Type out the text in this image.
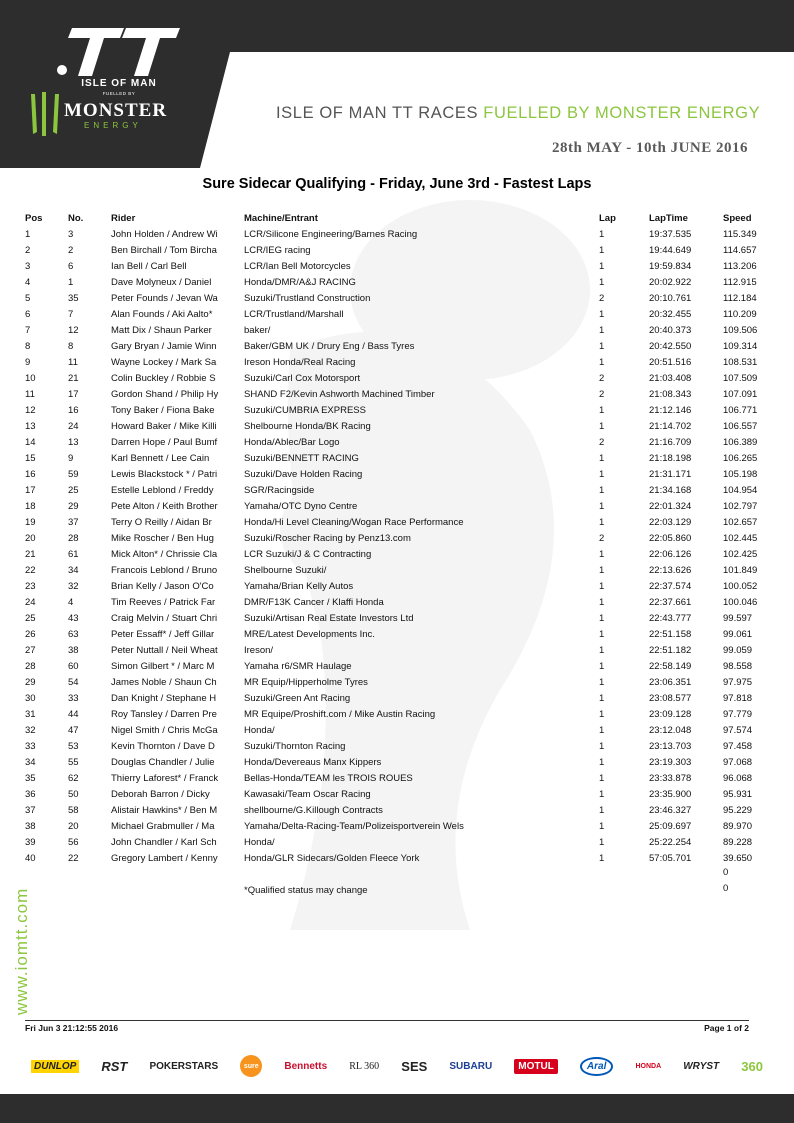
ISLE OF MAN
FUELLED BY
MONSTER
ENERGY
ISLE OF MAN TT RACES FUELLED BY MONSTER ENERGY
28th MAY - 10th JUNE 2016
Sure Sidecar Qualifying - Friday, June 3rd - Fastest Laps
Pos	No.	Rider	Machine/Entrant	Lap	LapTime	Speed
1	3	John Holden / Andrew Wi	LCR/Silicone Engineering/Barnes Racing	1	19:37.535	115.349
2	2	Ben Birchall / Tom Bircha	LCR/IEG racing	1	19:44.649	114.657
3	6	Ian Bell / Carl Bell	LCR/Ian Bell Motorcycles	1	19:59.834	113.206
4	1	Dave Molyneux / Daniel	Honda/DMR/A&J RACING	1	20:02.922	112.915
5	35	Peter Founds / Jevan Wa	Suzuki/Trustland Construction	2	20:10.761	112.184
6	7	Alan Founds / Aki Aalto*	LCR/Trustland/Marshall	1	20:32.455	110.209
7	12	Matt Dix / Shaun Parker	baker/	1	20:40.373	109.506
8	8	Gary Bryan / Jamie Winn	Baker/GBM UK / Drury Eng / Bass Tyres	1	20:42.550	109.314
9	11	Wayne Lockey / Mark Sa	Ireson Honda/Real Racing	1	20:51.516	108.531
10	21	Colin Buckley / Robbie S	Suzuki/Carl Cox Motorsport	2	21:03.408	107.509
11	17	Gordon Shand / Philip Hy	SHAND F2/Kevin Ashworth Machined Timber	2	21:08.343	107.091
12	16	Tony Baker / Fiona Bake	Suzuki/CUMBRIA EXPRESS	1	21:12.146	106.771
13	24	Howard Baker / Mike Killi	Shelbourne Honda/BK Racing	1	21:14.702	106.557
14	13	Darren Hope / Paul Bumf	Honda/Ablec/Bar Logo	2	21:16.709	106.389
15	9	Karl Bennett / Lee Cain	Suzuki/BENNETT RACING	1	21:18.198	106.265
16	59	Lewis Blackstock * / Patri	Suzuki/Dave Holden Racing	1	21:31.171	105.198
17	25	Estelle Leblond / Freddy	SGR/Racingside	1	21:34.168	104.954
18	29	Pete Alton / Keith Brother	Yamaha/OTC Dyno Centre	1	22:01.324	102.797
19	37	Terry O Reilly / Aidan Br	Honda/Hi Level Cleaning/Wogan Race Performance	1	22:03.129	102.657
20	28	Mike Roscher / Ben Hug	Suzuki/Roscher Racing by Penz13.com	2	22:05.860	102.445
21	61	Mick Alton* / Chrissie Cla	LCR Suzuki/J & C Contracting	1	22:06.126	102.425
22	34	Francois Leblond / Bruno	Shelbourne Suzuki/	1	22:13.626	101.849
23	32	Brian Kelly / Jason O'Co	Yamaha/Brian Kelly Autos	1	22:37.574	100.052
24	4	Tim Reeves / Patrick Far	DMR/F13K Cancer / Klaffi Honda	1	22:37.661	100.046
25	43	Craig Melvin / Stuart Chri	Suzuki/Artisan Real Estate Investors Ltd	1	22:43.777	99.597
26	63	Peter Essaff* / Jeff Gillar	MRE/Latest Developments Inc.	1	22:51.158	99.061
27	38	Peter Nuttall / Neil Wheat	Ireson/	1	22:51.182	99.059
28	60	Simon Gilbert * / Marc M	Yamaha r6/SMR Haulage	1	22:58.149	98.558
29	54	James Noble / Shaun Ch	MR Equip/Hipperholme Tyres	1	23:06.351	97.975
30	33	Dan Knight / Stephane H	Suzuki/Green Ant Racing	1	23:08.577	97.818
31	44	Roy Tansley / Darren Pre	MR Equipe/Proshift.com / Mike Austin Racing	1	23:09.128	97.779
32	47	Nigel Smith / Chris McGa	Honda/	1	23:12.048	97.574
33	53	Kevin Thornton / Dave D	Suzuki/Thornton Racing	1	23:13.703	97.458
34	55	Douglas Chandler / Julie	Honda/Devereaus Manx Kippers	1	23:19.303	97.068
35	62	Thierry Laforest* / Franck	Bellas-Honda/TEAM les TROIS ROUES	1	23:33.878	96.068
36	50	Deborah Barron / Dicky	Kawasaki/Team Oscar Racing	1	23:35.900	95.931
37	58	Alistair Hawkins* / Ben M	shellbourne/G.Killough Contracts	1	23:46.327	95.229
38	20	Michael Grabmuller / Ma	Yamaha/Delta-Racing-Team/Polizeisportverein Wels	1	25:09.697	89.970
39	56	John Chandler / Karl Sch	Honda/	1	25:22.254	89.228
40	22	Gregory Lambert / Kenny	Honda/GLR Sidecars/Golden Fleece York	1	57:05.701	39.650
0
0
*Qualified status may change
www.iomtt.com
Fri Jun 3 21:12:55 2016	Page 1 of 2
DUNLOP RST POKERSTARS	sure	Bennetts RL 360 SES SUBARU	MOTUL	Aral	HONDA WRYST 360
